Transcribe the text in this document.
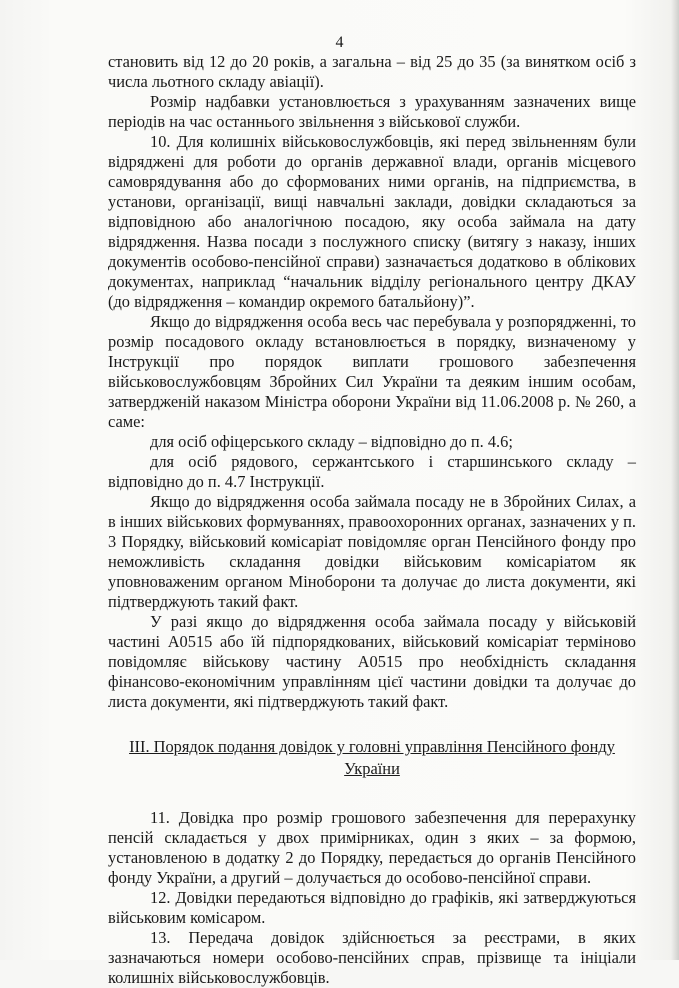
4

становить від 12 до 20 років, а загальна – від 25 до 35 (за винятком осіб з числа льотного складу авіації).

Розмір надбавки установлюється з урахуванням зазначених вище періодів на час останнього звільнення з військової служби.

10. Для колишніх військовослужбовців, які перед звільненням були відряджені для роботи до органів державної влади, органів місцевого самоврядування або до сформованих ними органів, на підприємства, в установи, організації, вищі навчальні заклади, довідки складаються за відповідною або аналогічною посадою, яку особа займала на дату відрядження. Назва посади з послужного списку (витягу з наказу, інших документів особово-пенсійної справи) зазначається додатково в облікових документах, наприклад “начальник відділу регіонального центру ДКАУ (до відрядження – командир окремого батальйону)”.

Якщо до відрядження особа весь час перебувала у розпорядженні, то розмір посадового окладу встановлюється в порядку, визначеному у Інструкції про порядок виплати грошового забезпечення військовослужбовцям Збройних Сил України та деяким іншим особам, затвердженій наказом Міністра оборони України від 11.06.2008 р. № 260, а саме:

для осіб офіцерського складу – відповідно до п. 4.6;

для осіб рядового, сержантського і старшинського складу – відповідно до п. 4.7 Інструкції.

Якщо до відрядження особа займала посаду не в Збройних Силах, а в інших військових формуваннях, правоохоронних органах, зазначених у п. 3 Порядку, військовий комісаріат повідомляє орган Пенсійного фонду про неможливість складання довідки військовим комісаріатом як уповноваженим органом Міноборони та долучає до листа документи, які підтверджують такий факт.

У разі якщо до відрядження особа займала посаду у військовій частині А0515 або їй підпорядкованих, військовий комісаріат терміново повідомляє військову частину А0515 про необхідність складання фінансово-економічним управлінням цієї частини довідки та долучає до листа документи, які підтверджують такий факт.

ІІІ. Порядок подання довідок у головні управління Пенсійного фонду України

11. Довідка про розмір грошового забезпечення для перерахунку пенсій складається у двох примірниках, один з яких – за формою, установленою в додатку 2 до Порядку, передається до органів Пенсійного фонду України, а другий – долучається до особово-пенсійної справи.

12. Довідки передаються відповідно до графіків, які затверджуються військовим комісаром.

13. Передача довідок здійснюється за реєстрами, в яких зазначаються номери особово-пенсійних справ, прізвище та ініціали колишніх військовослужбовців.
